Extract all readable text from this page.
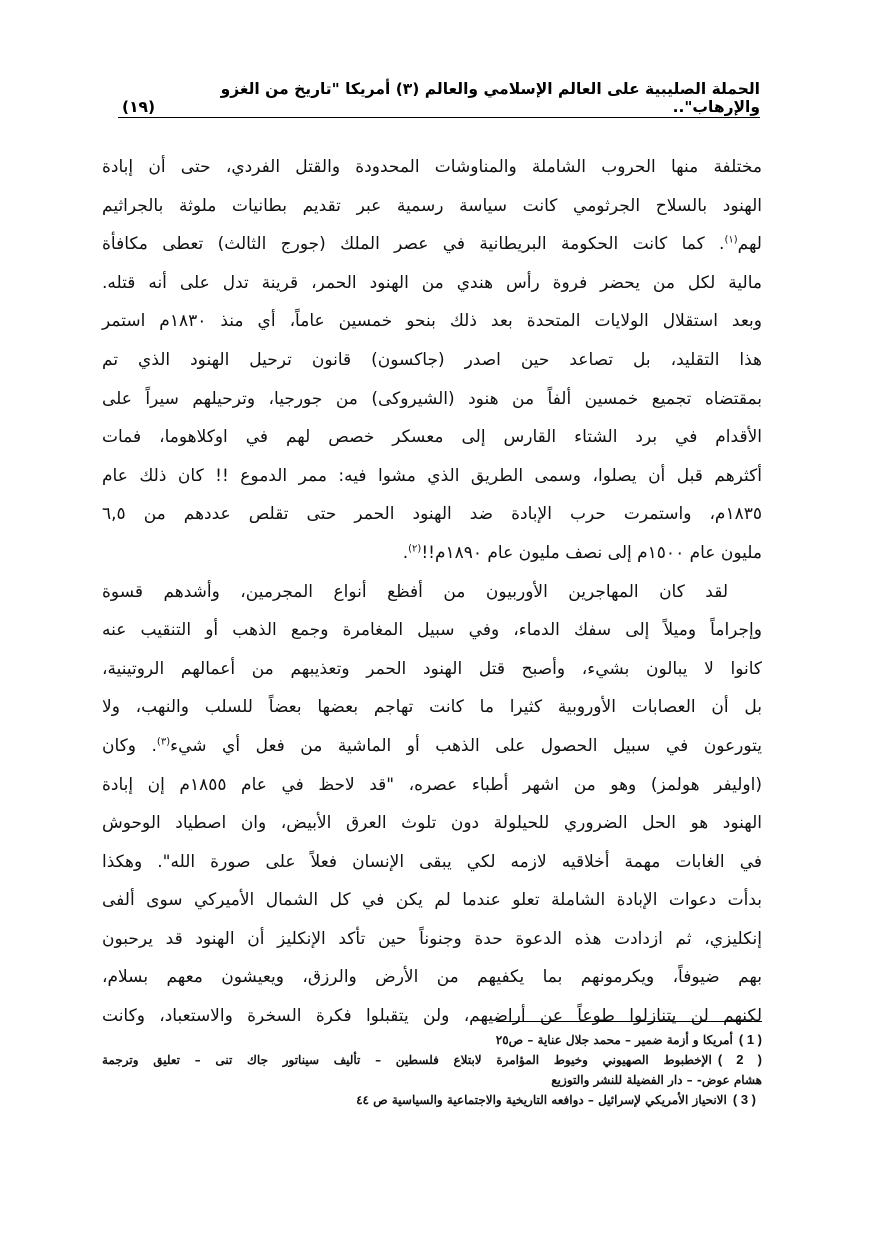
الحملة الصليبية على العالم الإسلامي والعالم (٣) أمريكا "تاريخ من الغزو والإرهاب"..
(١٩)
مختلفة منها الحروب الشاملة والمناوشات المحدودة والقتل الفردي، حتى أن إبادة
الهنود بالسلاح الجرثومي كانت سياسة رسمية عبر تقديم بطانيات ملوثة بالجراثيم
لهم$^{(١)}$. كما كانت الحكومة البريطانية في عصر الملك (جورج الثالث) تعطى مكافأة
مالية لكل من يحضر فروة رأس هندي من الهنود الحمر، قرينة تدل على أنه قتله.
وبعد استقلال الولايات المتحدة بعد ذلك بنحو خمسين عاماً، أي منذ ١٨٣٠م استمر
هذا التقليد، بل تصاعد حين اصدر (جاكسون) قانون ترحيل الهنود الذي تم
بمقتضاه تجميع خمسين ألفاً من هنود (الشيروكى) من جورجيا، وترحيلهم سيراً على
الأقدام في برد الشتاء القارس إلى معسكر خصص لهم في اوكلاهوما، فمات
أكثرهم قبل أن يصلوا، وسمى الطريق الذي مشوا فيه: ممر الدموع !! كان ذلك عام
١٨٣٥م، واستمرت حرب الإبادة ضد الهنود الحمر حتى تقلص عددهم من ٦,٥
مليون عام ١٥٠٠م إلى نصف مليون عام ١٨٩٠م!!$^{(٢)}$.
لقد كان المهاجرين الأوربيون من أفظع أنواع المجرمين، وأشدهم قسوة
وإجراماً وميلاً إلى سفك الدماء، وفي سبيل المغامرة وجمع الذهب أو التنقيب عنه
كانوا لا يبالون بشيء، وأصبح قتل الهنود الحمر وتعذيبهم من أعمالهم الروتينية،
بل أن العصابات الأوروبية كثيرا ما كانت تهاجم بعضها بعضاً للسلب والنهب، ولا
يتورعون في سبيل الحصول على الذهب أو الماشية من فعل أي شيء$^{(٣)}$. وكان
(اوليفر هولمز) وهو من اشهر أطباء عصره، "قد لاحظ في عام ١٨٥٥م إن إبادة
الهنود هو الحل الضروري للحيلولة دون تلوث العرق الأبيض، وان اصطياد الوحوش
في الغابات مهمة أخلاقيه لازمه لكي يبقى الإنسان فعلاً على صورة الله". وهكذا
بدأت دعوات الإبادة الشاملة تعلو عندما لم يكن في كل الشمال الأميركي سوى ألفى
إنكليزي، ثم ازدادت هذه الدعوة حدة وجنوناً حين تأكد الإنكليز أن الهنود قد يرحبون
بهم ضيوفاً، ويكرمونهم بما يكفيهم من الأرض والرزق، ويعيشون معهم بسلام،
لكنهم لن يتنازلوا طوعاً عن أراضيهم، ولن يتقبلوا فكرة السخرة والاستعباد، وكانت
( 1 )أمريكا و أزمة ضمير – محمد جلال عناية – ص٢٥
( 2 )الإخطبوط الصهيوني وخيوط المؤامرة لابتلاع فلسطين – تأليف سيناتور جاك تنى – تعليق وترجمة
هشام عوض- – دار الفضيلة للنشر والتوزيع
( 3 )الانحياز الأمريكي لإسرائيل – دوافعه التاريخية والاجتماعية والسياسية ص ٤٤
